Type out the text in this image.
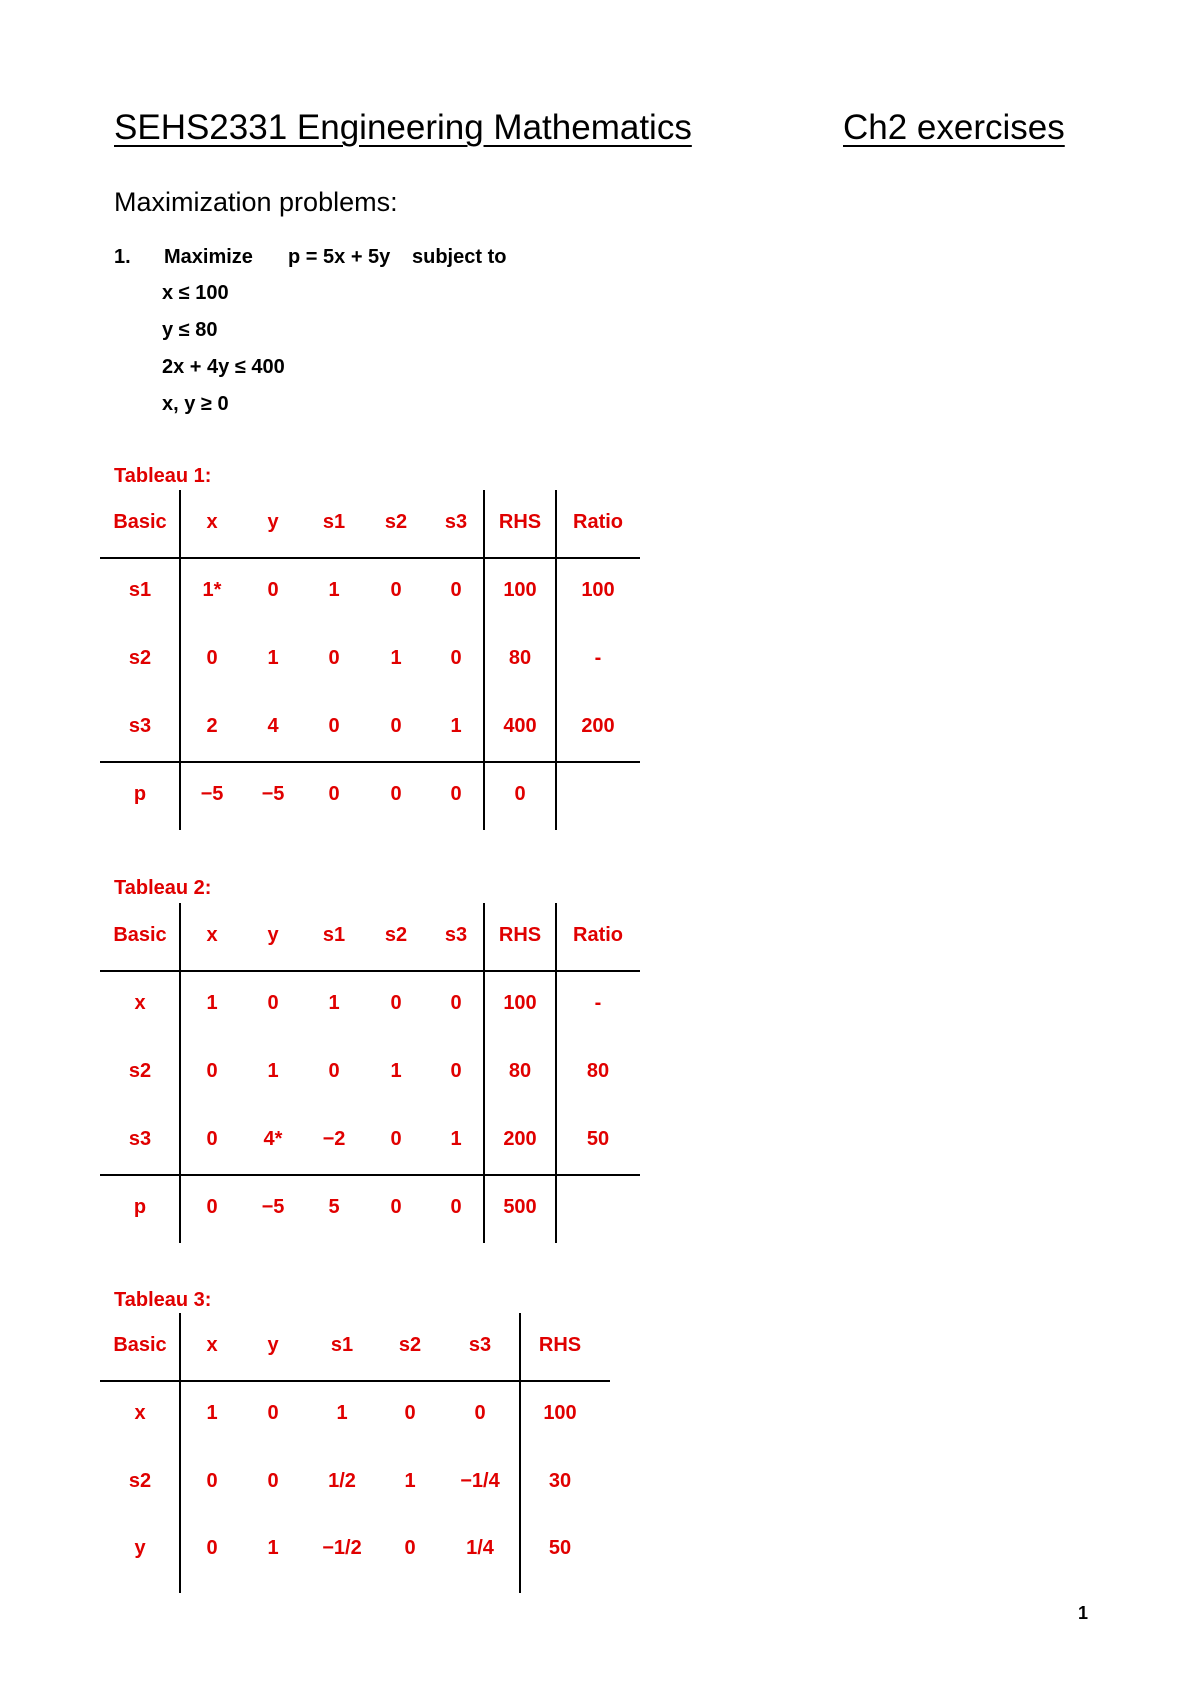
SEHS2331 Engineering Mathematics	Ch2 exercises
Maximization problems:
1. Maximize p = 5x + 5y subject to
x ≤ 100
y ≤ 80
2x + 4y ≤ 400
x, y ≥ 0
Tableau 1:
Basic	x	y	s1	s2	s3	RHS	Ratio
s1	1*	0	1	0	0	100	100
s2	0	1	0	1	0	80	-
s3	2	4	0	0	1	400	200
p	−5	−5	0	0	0	0
Tableau 2:
Basic	x	y	s1	s2	s3	RHS	Ratio
x	1	0	1	0	0	100	-
s2	0	1	0	1	0	80	80
s3	0	4*	−2	0	1	200	50
p	0	−5	5	0	0	500
Tableau 3:
Basic	x	y	s1	s2	s3	RHS
x	1	0	1	0	0	100
s2	0	0	1/2	1	−1/4	30
y	0	1	−1/2	0	1/4	50
1
